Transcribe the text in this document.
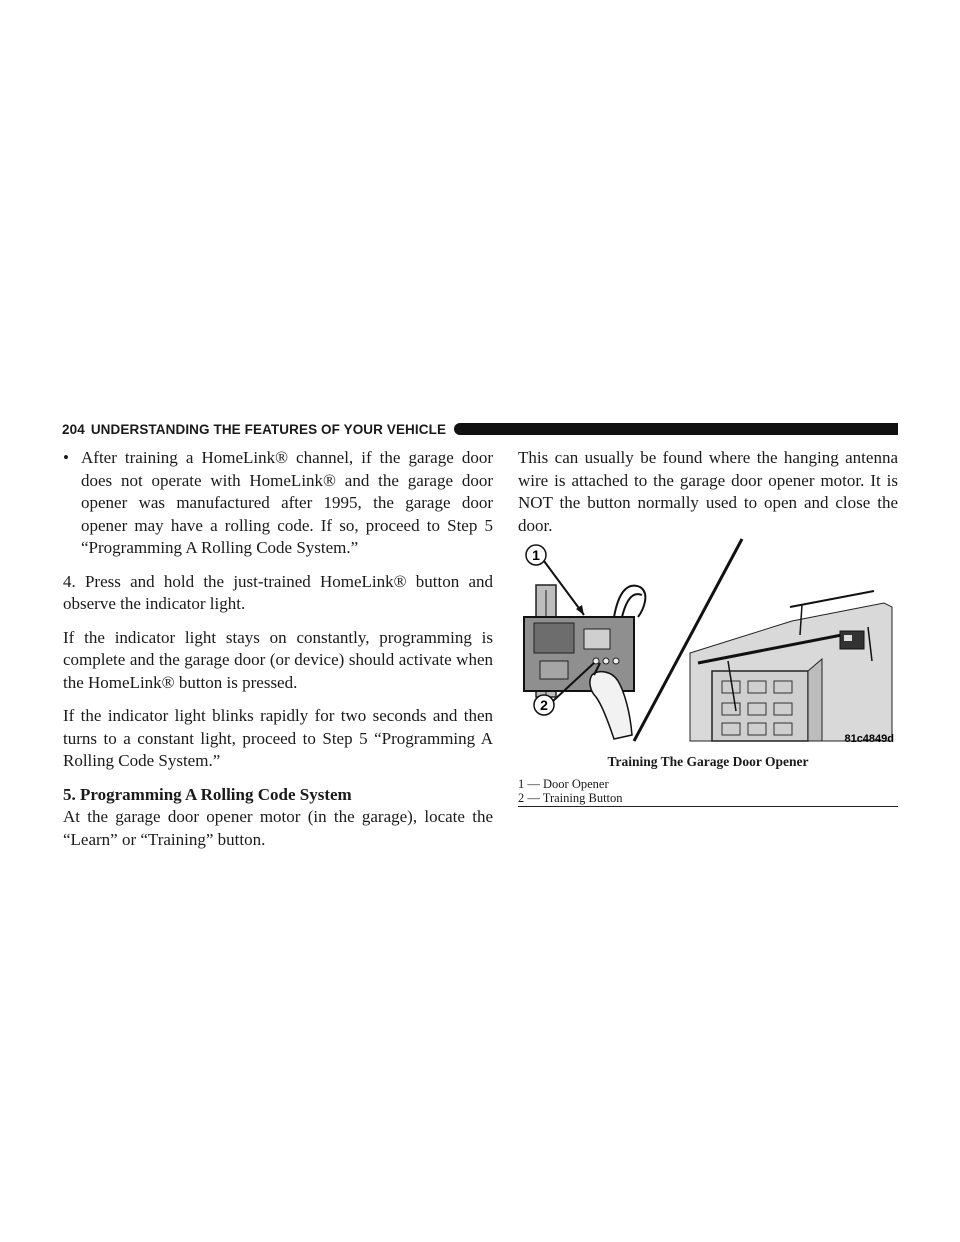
204 UNDERSTANDING THE FEATURES OF YOUR VEHICLE
• After training a HomeLink® channel, if the garage door does not operate with HomeLink® and the garage door opener was manufactured after 1995, the garage door opener may have a rolling code. If so, proceed to Step 5 “Programming A Rolling Code System.”

4. Press and hold the just-trained HomeLink® button and observe the indicator light.

If the indicator light stays on constantly, programming is complete and the garage door (or device) should activate when the HomeLink® button is pressed.

If the indicator light blinks rapidly for two seconds and then turns to a constant light, proceed to Step 5 “Programming A Rolling Code System.”

5. Programming A Rolling Code System

At the garage door opener motor (in the garage), locate the “Learn” or “Training” button.

This can usually be found where the hanging antenna wire is attached to the garage door opener motor. It is NOT the button normally used to open and close the door.

1
2
81c4849d
Training The Garage Door Opener
1 — Door Opener
2 — Training Button
